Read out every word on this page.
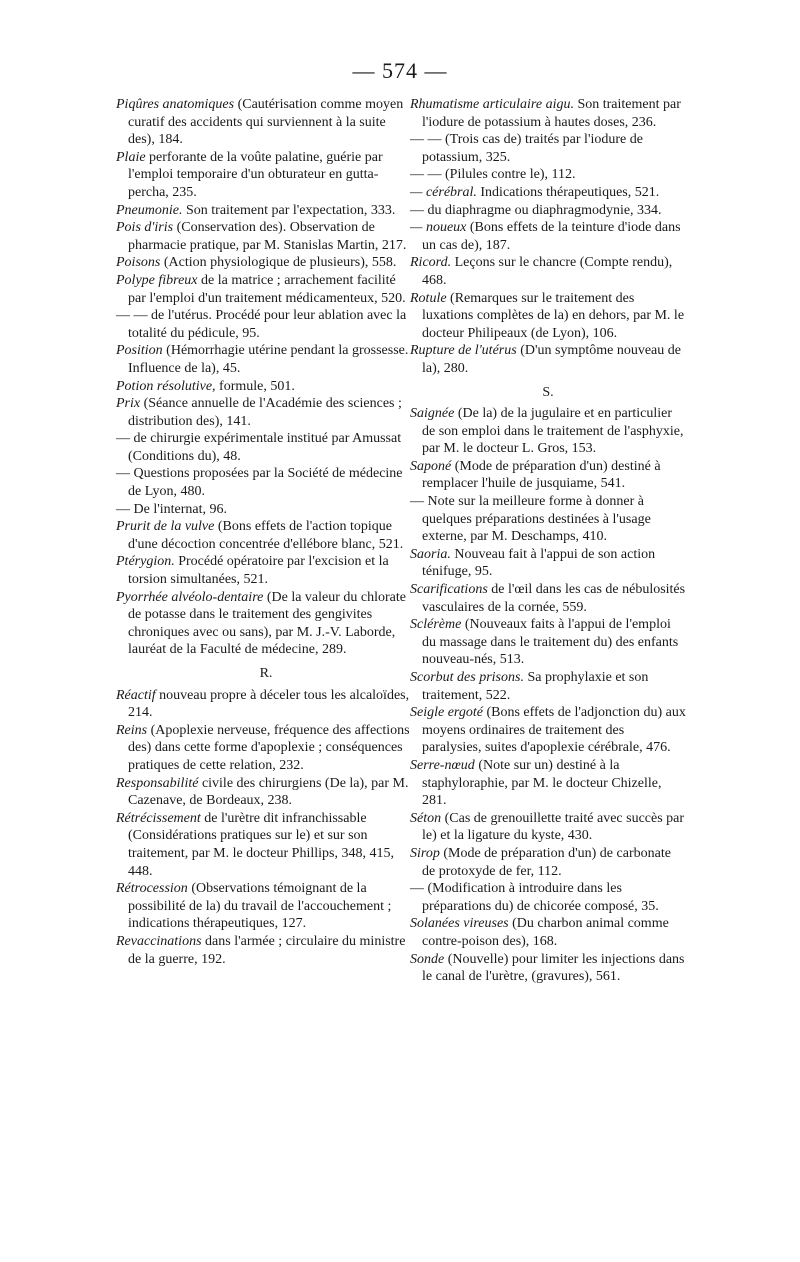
— 574 —

Piqûres anatomiques (Cautérisation comme moyen curatif des accidents qui surviennent à la suite des), 184.

Plaie perforante de la voûte palatine, guérie par l'emploi temporaire d'un obturateur en gutta-percha, 235.

Pneumonie. Son traitement par l'expectation, 333.

Pois d'iris (Conservation des). Observation de pharmacie pratique, par M. Stanislas Martin, 217.

Poisons (Action physiologique de plusieurs), 558.

Polype fibreux de la matrice ; arrachement facilité par l'emploi d'un traitement médicamenteux, 520.

— — de l'utérus. Procédé pour leur ablation avec la totalité du pédicule, 95.

Position (Hémorrhagie utérine pendant la grossesse. Influence de la), 45.

Potion résolutive, formule, 501.

Prix (Séance annuelle de l'Académie des sciences ; distribution des), 141.

— de chirurgie expérimentale institué par Amussat (Conditions du), 48.

— Questions proposées par la Société de médecine de Lyon, 480.

— De l'internat, 96.

Prurit de la vulve (Bons effets de l'action topique d'une décoction concentrée d'ellébore blanc, 521.

Ptérygion. Procédé opératoire par l'excision et la torsion simultanées, 521.

Pyorrhée alvéolo-dentaire (De la valeur du chlorate de potasse dans le traitement des gengivites chroniques avec ou sans), par M. J.-V. Laborde, lauréat de la Faculté de médecine, 289.

R.

Réactif nouveau propre à déceler tous les alcaloïdes, 214.

Reins (Apoplexie nerveuse, fréquence des affections des) dans cette forme d'apoplexie ; conséquences pratiques de cette relation, 232.

Responsabilité civile des chirurgiens (De la), par M. Cazenave, de Bordeaux, 238.

Rétrécissement de l'urètre dit infranchissable (Considérations pratiques sur le) et sur son traitement, par M. le docteur Phillips, 348, 415, 448.

Rétrocession (Observations témoignant de la possibilité de la) du travail de l'accouchement ; indications thérapeutiques, 127.

Revaccinations dans l'armée ; circulaire du ministre de la guerre, 192.

Rhumatisme articulaire aigu. Son traitement par l'iodure de potassium à hautes doses, 236.

— — (Trois cas de) traités par l'iodure de potassium, 325.

— — (Pilules contre le), 112.

— cérébral. Indications thérapeutiques, 521.

— du diaphragme ou diaphragmodynie, 334.

— noueux (Bons effets de la teinture d'iode dans un cas de), 187.

Ricord. Leçons sur le chancre (Compte rendu), 468.

Rotule (Remarques sur le traitement des luxations complètes de la) en dehors, par M. le docteur Philipeaux (de Lyon), 106.

Rupture de l'utérus (D'un symptôme nouveau de la), 280.

S.

Saignée (De la) de la jugulaire et en particulier de son emploi dans le traitement de l'asphyxie, par M. le docteur L. Gros, 153.

Saponé (Mode de préparation d'un) destiné à remplacer l'huile de jusquiame, 541.

— Note sur la meilleure forme à donner à quelques préparations destinées à l'usage externe, par M. Deschamps, 410.

Saoria. Nouveau fait à l'appui de son action ténifuge, 95.

Scarifications de l'œil dans les cas de nébulosités vasculaires de la cornée, 559.

Sclérème (Nouveaux faits à l'appui de l'emploi du massage dans le traitement du) des enfants nouveau-nés, 513.

Scorbut des prisons. Sa prophylaxie et son traitement, 522.

Seigle ergoté (Bons effets de l'adjonction du) aux moyens ordinaires de traitement des paralysies, suites d'apoplexie cérébrale, 476.

Serre-nœud (Note sur un) destiné à la staphyloraphie, par M. le docteur Chizelle, 281.

Séton (Cas de grenouillette traité avec succès par le) et la ligature du kyste, 430.

Sirop (Mode de préparation d'un) de carbonate de protoxyde de fer, 112.

— (Modification à introduire dans les préparations du) de chicorée composé, 35.

Solanées vireuses (Du charbon animal comme contre-poison des), 168.

Sonde (Nouvelle) pour limiter les injections dans le canal de l'urètre, (gravures), 561.
